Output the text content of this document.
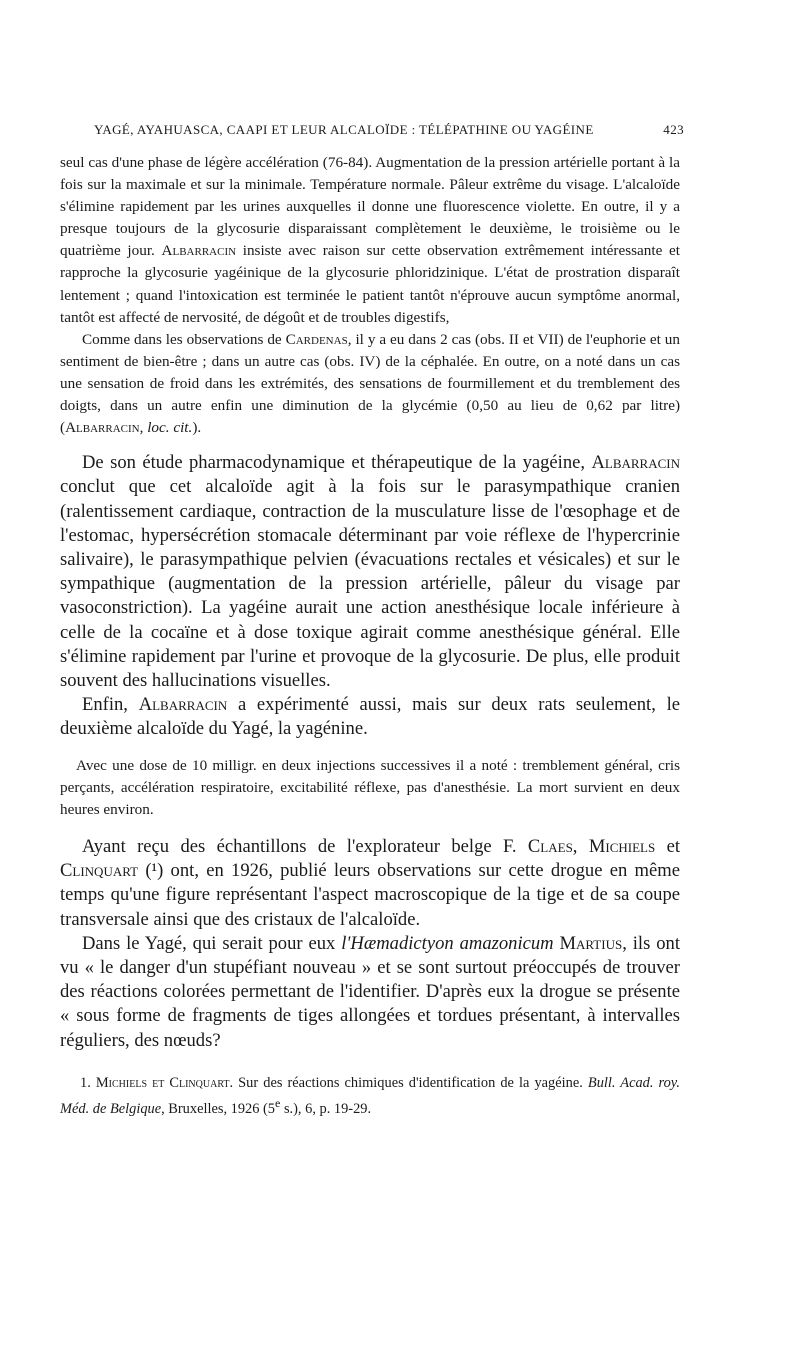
YAGÉ, AYAHUASCA, CAAPI ET LEUR ALCALOÏDE : TÉLÉPATHINE OU YAGÉINE	423

seul cas d'une phase de légère accélération (76-84). Augmentation de la pression artérielle portant à la fois sur la maximale et sur la minimale. Température normale. Pâleur extrême du visage. L'alcaloïde s'élimine rapidement par les urines auxquelles il donne une fluorescence violette. En outre, il y a presque toujours de la glycosurie disparaissant complètement le deuxième, le troisième ou le quatrième jour. Albarracin insiste avec raison sur cette observation extrêmement intéressante et rapproche la glycosurie yagéinique de la glycosurie phloridzinique. L'état de prostration disparaît lentement ; quand l'intoxication est terminée le patient tantôt n'éprouve aucun symptôme anormal, tantôt est affecté de nervosité, de dégoût et de troubles digestifs,

Comme dans les observations de Cardenas, il y a eu dans 2 cas (obs. II et VII) de l'euphorie et un sentiment de bien-être ; dans un autre cas (obs. IV) de la céphalée. En outre, on a noté dans un cas une sensation de froid dans les extrémités, des sensations de fourmillement et du tremblement des doigts, dans un autre enfin une diminution de la glycémie (0,50 au lieu de 0,62 par litre) (Albarracin, loc. cit.).

De son étude pharmacodynamique et thérapeutique de la yagéine, Albarracin conclut que cet alcaloïde agit à la fois sur le parasympathique cranien (ralentissement cardiaque, contraction de la musculature lisse de l'œsophage et de l'estomac, hypersécrétion stomacale déterminant par voie réflexe de l'hypercrinie salivaire), le parasympathique pelvien (évacuations rectales et vésicales) et sur le sympathique (augmentation de la pression artérielle, pâleur du visage par vasoconstriction). La yagéine aurait une action anesthésique locale inférieure à celle de la cocaïne et à dose toxique agirait comme anesthésique général. Elle s'élimine rapidement par l'urine et provoque de la glycosurie. De plus, elle produit souvent des hallucinations visuelles.

Enfin, Albarracin a expérimenté aussi, mais sur deux rats seulement, le deuxième alcaloïde du Yagé, la yagénine.

Avec une dose de 10 milligr. en deux injections successives il a noté : tremblement général, cris perçants, accélération respiratoire, excitabilité réflexe, pas d'anesthésie. La mort survient en deux heures environ.

Ayant reçu des échantillons de l'explorateur belge F. Claes, Michiels et Clinquart (¹) ont, en 1926, publié leurs observations sur cette drogue en même temps qu'une figure représentant l'aspect macroscopique de la tige et de sa coupe transversale ainsi que des cristaux de l'alcaloïde.

Dans le Yagé, qui serait pour eux l'Hæmadictyon amazonicum Martius, ils ont vu « le danger d'un stupéfiant nouveau » et se sont surtout préoccupés de trouver des réactions colorées permettant de l'identifier. D'après eux la drogue se présente « sous forme de fragments de tiges allongées et tordues présentant, à intervalles réguliers, des nœuds?

1. Michiels et Clinquart. Sur des réactions chimiques d'identification de la yagéine. Bull. Acad. roy. Méd. de Belgique, Bruxelles, 1926 (5e s.), 6, p. 19-29.
